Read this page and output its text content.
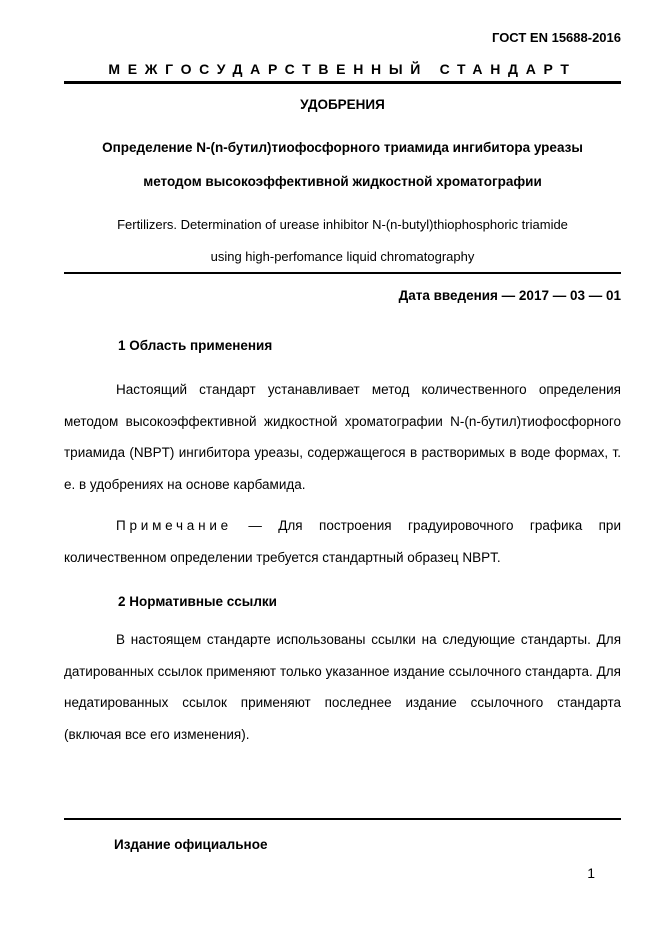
ГОСТ EN 15688-2016
МЕЖГОСУДАРСТВЕННЫЙ СТАНДАРТ
УДОБРЕНИЯ
Определение N-(n-бутил)тиофосфорного триамида ингибитора уреазы
методом высокоэффективной жидкостной хроматографии
Fertilizers. Determination of urease inhibitor N-(n-butyl)thiophosphoric triamide
using high-perfomance liquid chromatography
Дата введения — 2017 — 03 — 01
1 Область применения

Настоящий стандарт устанавливает метод количественного определения методом высокоэффективной жидкостной хроматографии N-(n-бутил)тиофосфорного триамида (NBPT) ингибитора уреазы, содержащегося в растворимых в воде формах, т. е. в удобрениях на основе карбамида.

Примечание — Для построения градуировочного графика при количественном определении требуется стандартный образец NBPT.

2 Нормативные ссылки

В настоящем стандарте использованы ссылки на следующие стандарты. Для датированных ссылок применяют только указанное издание ссылочного стандарта. Для недатированных ссылок применяют последнее издание ссылочного стандарта (включая все его изменения).

Издание официальное
1
